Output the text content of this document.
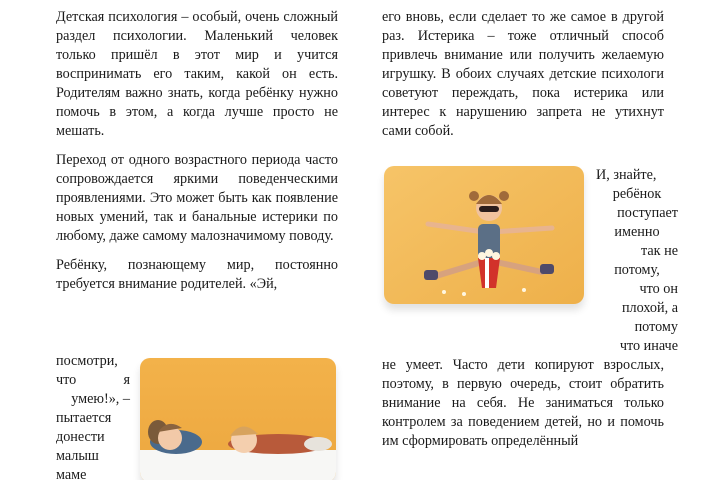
Детская психология – особый, очень сложный раздел психологии. Маленький человек только пришёл в этот мир и учится воспринимать его таким, какой он есть. Родителям важно знать, когда ребёнку нужно помочь в этом, а когда лучше просто не мешать.

Переход от одного возрастного периода часто сопровождается яркими поведенческими проявлениями. Это может быть как появление новых умений, так и банальные истерики по любому, даже самому малозначимому поводу.

Ребёнку, познающему мир, постоянно требуется внимание родителей. «Эй,

посмотри,

что я

умею!», –

пытается

донести

малыш

маме

его вновь, если сделает то же самое в другой раз. Истерика – тоже отличный способ привлечь внимание или получить желаемую игрушку. В обоих случаях детские психологи советуют переждать, пока истерика или интерес к нарушению запрета не утихнут сами собой.

И, знайте,

ребёнок

поступает

именно

так не

потому,

что он

плохой, а

потому

что иначе

не умеет. Часто дети копируют взрослых, поэтому, в первую очередь, стоит обратить внимание на себя. Не заниматься только контролем за поведением детей, но и помочь им сформировать определённый
